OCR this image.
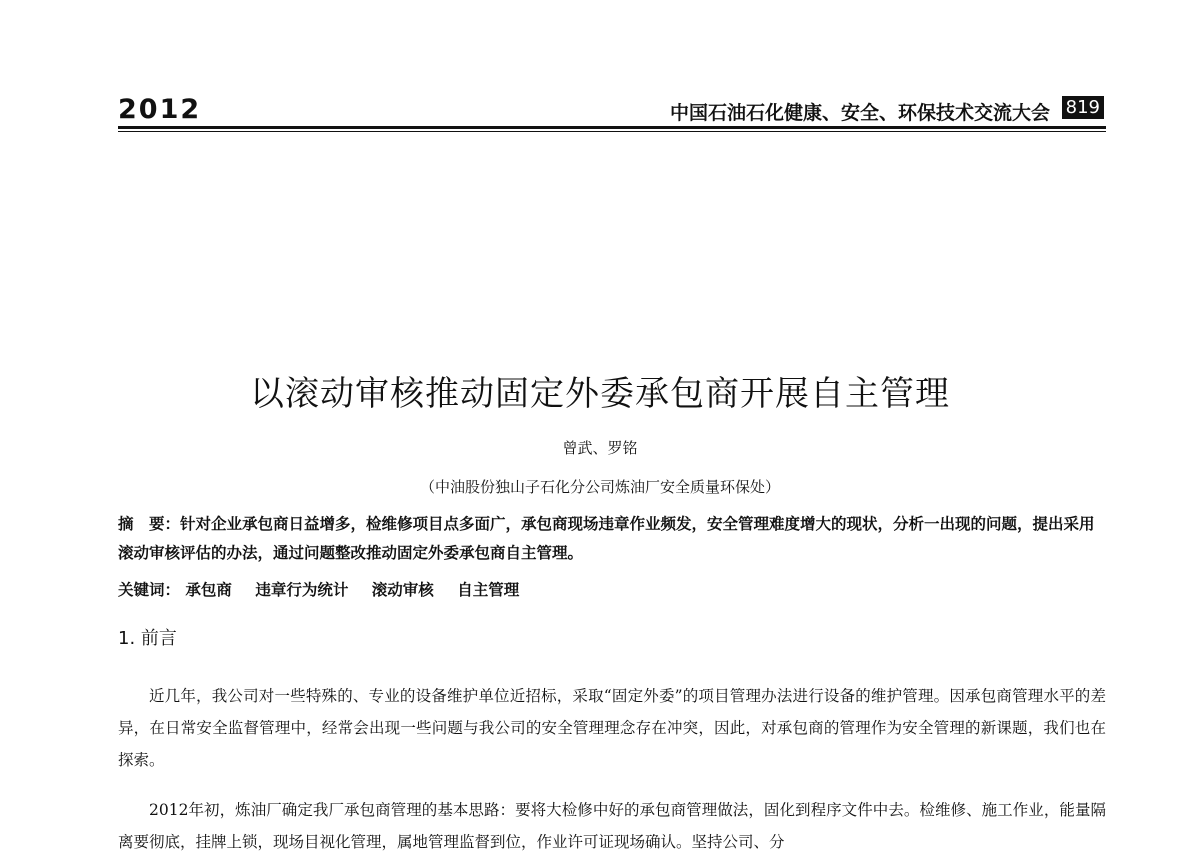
2012	中国石油石化健康、安全、环保技术交流大会 819
以滚动审核推动固定外委承包商开展自主管理
曾武、罗铭
（中油股份独山子石化分公司炼油厂安全质量环保处）
摘　要：针对企业承包商日益增多，检维修项目点多面广，承包商现场违章作业频发，安全管理难度增大的现状，分析一出现的问题，提出采用滚动审核评估的办法，通过问题整改推动固定外委承包商自主管理。
关键词： 承包商 违章行为统计 滚动审核 自主管理
1. 前言
近几年，我公司对一些特殊的、专业的设备维护单位近招标，采取“固定外委”的项目管理办法进行设备的维护管理。因承包商管理水平的差异，在日常安全监督管理中，经常会出现一些问题与我公司的安全管理理念存在冲突，因此，对承包商的管理作为安全管理的新课题，我们也在探索。
2012年初，炼油厂确定我厂承包商管理的基本思路：要将大检修中好的承包商管理做法，固化到程序文件中去。检维修、施工作业，能量隔离要彻底，挂牌上锁，现场目视化管理，属地管理监督到位，作业许可证现场确认。坚持公司、分
